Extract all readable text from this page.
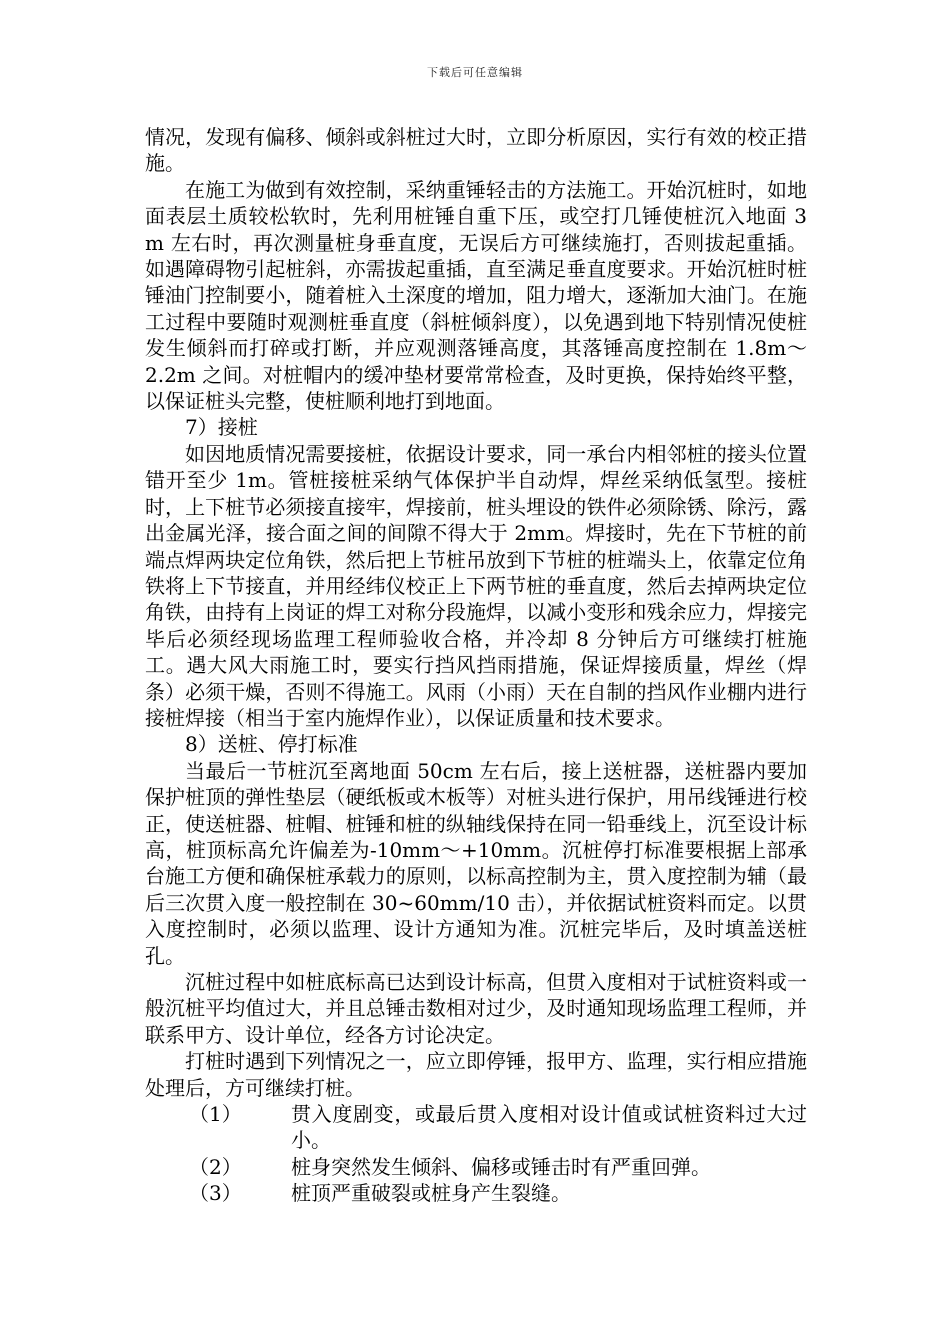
下载后可任意编辑

情况，发现有偏移、倾斜或斜桩过大时，立即分析原因，实行有效的校正措施。

在施工为做到有效控制，采纳重锤轻击的方法施工。开始沉桩时，如地面表层土质较松软时，先利用桩锤自重下压，或空打几锤使桩沉入地面 3 m 左右时，再次测量桩身垂直度，无误后方可继续施打，否则拔起重插。如遇障碍物引起桩斜，亦需拔起重插，直至满足垂直度要求。开始沉桩时桩锤油门控制要小，随着桩入土深度的增加，阻力增大，逐渐加大油门。在施工过程中要随时观测桩垂直度（斜桩倾斜度），以免遇到地下特别情况使桩发生倾斜而打碎或打断，并应观测落锤高度，其落锤高度控制在 1.8m～2.2m 之间。对桩帽内的缓冲垫材要常常检查，及时更换，保持始终平整，以保证桩头完整，使桩顺利地打到地面。

7）接桩

如因地质情况需要接桩，依据设计要求，同一承台内相邻桩的接头位置错开至少 1m。管桩接桩采纳气体保护半自动焊，焊丝采纳低氢型。接桩时，上下桩节必须接直接牢，焊接前，桩头埋设的铁件必须除锈、除污，露出金属光泽，接合面之间的间隙不得大于 2mm。焊接时，先在下节桩的前端点焊两块定位角铁，然后把上节桩吊放到下节桩的桩端头上，依靠定位角铁将上下节接直，并用经纬仪校正上下两节桩的垂直度，然后去掉两块定位角铁，由持有上岗证的焊工对称分段施焊，以减小变形和残余应力，焊接完毕后必须经现场监理工程师验收合格，并冷却 8 分钟后方可继续打桩施工。遇大风大雨施工时，要实行挡风挡雨措施，保证焊接质量，焊丝（焊条）必须干燥，否则不得施工。风雨（小雨）天在自制的挡风作业棚内进行接桩焊接（相当于室内施焊作业），以保证质量和技术要求。

8）送桩、停打标准

当最后一节桩沉至离地面 50cm 左右后，接上送桩器，送桩器内要加保护桩顶的弹性垫层（硬纸板或木板等）对桩头进行保护，用吊线锤进行校正，使送桩器、桩帽、桩锤和桩的纵轴线保持在同一铅垂线上，沉至设计标高，桩顶标高允许偏差为-10mm～+10mm。沉桩停打标准要根据上部承台施工方便和确保桩承载力的原则，以标高控制为主，贯入度控制为辅（最后三次贯入度一般控制在 30~60mm/10 击），并依据试桩资料而定。以贯入度控制时，必须以监理、设计方通知为准。沉桩完毕后，及时填盖送桩孔。

沉桩过程中如桩底标高已达到设计标高，但贯入度相对于试桩资料或一般沉桩平均值过大，并且总锤击数相对过少，及时通知现场监理工程师，并联系甲方、设计单位，经各方讨论决定。

打桩时遇到下列情况之一，应立即停锤，报甲方、监理，实行相应措施处理后，方可继续打桩。

（1）	贯入度剧变，或最后贯入度相对设计值或试桩资料过大过小。
（2）	桩身突然发生倾斜、偏移或锤击时有严重回弹。
（3）	桩顶严重破裂或桩身产生裂缝。
